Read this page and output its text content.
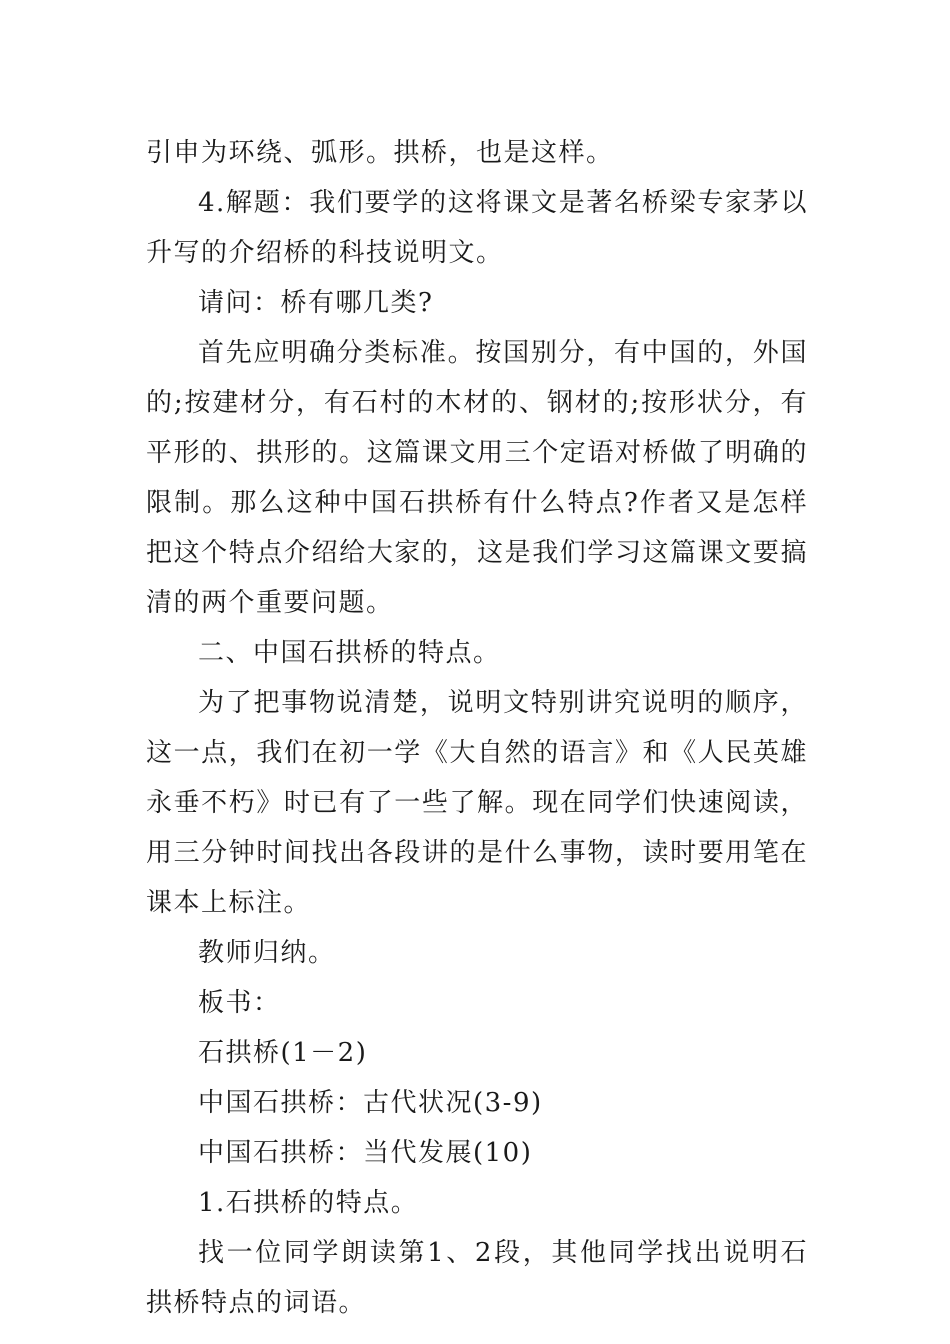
引申为环绕、弧形。拱桥，也是这样。

4.解题：我们要学的这将课文是著名桥梁专家茅以升写的介绍桥的科技说明文。

请问：桥有哪几类?

首先应明确分类标准。按国别分，有中国的，外国的;按建材分，有石村的木材的、钢材的;按形状分，有平形的、拱形的。这篇课文用三个定语对桥做了明确的限制。那么这种中国石拱桥有什么特点?作者又是怎样把这个特点介绍给大家的，这是我们学习这篇课文要搞清的两个重要问题。

二、中国石拱桥的特点。

为了把事物说清楚，说明文特别讲究说明的顺序，这一点，我们在初一学《大自然的语言》和《人民英雄永垂不朽》时已有了一些了解。现在同学们快速阅读，用三分钟时间找出各段讲的是什么事物，读时要用笔在课本上标注。

教师归纳。

板书：

石拱桥(1－2)

中国石拱桥：古代状况(3-9)

中国石拱桥：当代发展(10)

1.石拱桥的特点。

找一位同学朗读第1、2段，其他同学找出说明石拱桥特点的词语。
